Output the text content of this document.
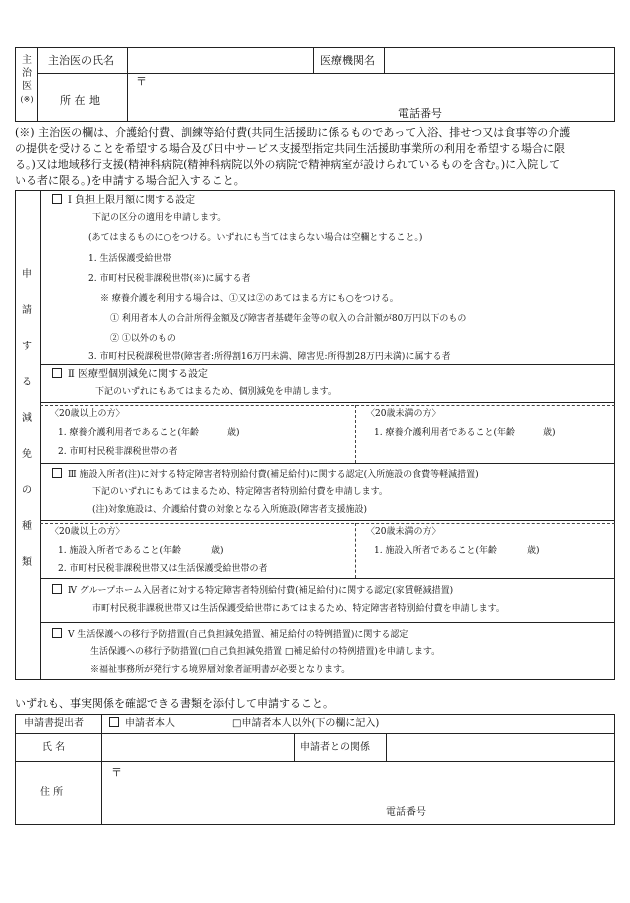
主
治
医
(※)
主治医の氏名	医療機関名
所 在 地
〒
電話番号
(※) 主治医の欄は、介護給付費、訓練等給付費(共同生活援助に係るものであって入浴、排せつ又は食事等の介護
の提供を受けることを希望する場合及び日中サービス支援型指定共同生活援助事業所の利用を希望する場合に限
る。)又は地域移行支援(精神科病院(精神科病院以外の病院で精神病室が設けられているものを含む。)に入院して
いる者に限る。)を申請する場合記入すること。
申
請
す
る
減
免
の
種
類
Ⅰ 負担上限月額に関する設定
下記の区分の適用を申請します。
(あてはまるものに○をつける。いずれにも当てはまらない場合は空欄とすること。)
1. 生活保護受給世帯
2. 市町村民税非課税世帯(※)に属する者
※ 療養介護を利用する場合は、①又は②のあてはまる方にも○をつける。
① 利用者本人の合計所得金額及び障害者基礎年金等の収入の合計額が80万円以下のもの
② ①以外のもの
3. 市町村民税課税世帯(障害者:所得割16万円未満、障害児:所得割28万円未満)に属する者
Ⅱ 医療型個別減免に関する設定
下記のいずれにもあてはまるため、個別減免を申請します。
〈20歳以上の方〉
1. 療養介護利用者であること(年齢	歳)
2. 市町村民税非課税世帯の者
〈20歳未満の方〉
1. 療養介護利用者であること(年齢	歳)
Ⅲ 施設入所者(注)に対する特定障害者特別給付費(補足給付)に関する認定(入所施設の食費等軽減措置)
下記のいずれにもあてはまるため、特定障害者特別給付費を申請します。
(注)対象施設は、介護給付費の対象となる入所施設(障害者支援施設)
〈20歳以上の方〉
1. 施設入所者であること(年齢	歳)
2. 市町村民税非課税世帯又は生活保護受給世帯の者
〈20歳未満の方〉
1. 施設入所者であること(年齢	歳)
Ⅳ グループホーム入居者に対する特定障害者特別給付費(補足給付)に関する認定(家賃軽減措置)
市町村民税非課税世帯又は生活保護受給世帯にあてはまるため、特定障害者特別給付費を申請します。
Ⅴ 生活保護への移行予防措置(自己負担減免措置、補足給付の特例措置)に関する認定
生活保護への移行予防措置(□自己負担減免措置 □補足給付の特例措置)を申請します。
※福祉事務所が発行する境界層対象者証明書が必要となります。
いずれも、事実関係を確認できる書類を添付して申請すること。
申請書提出者	申請者本人	□申請者本人以外(下の欄に記入)
氏 名	申請者との関係
住 所
〒
電話番号
